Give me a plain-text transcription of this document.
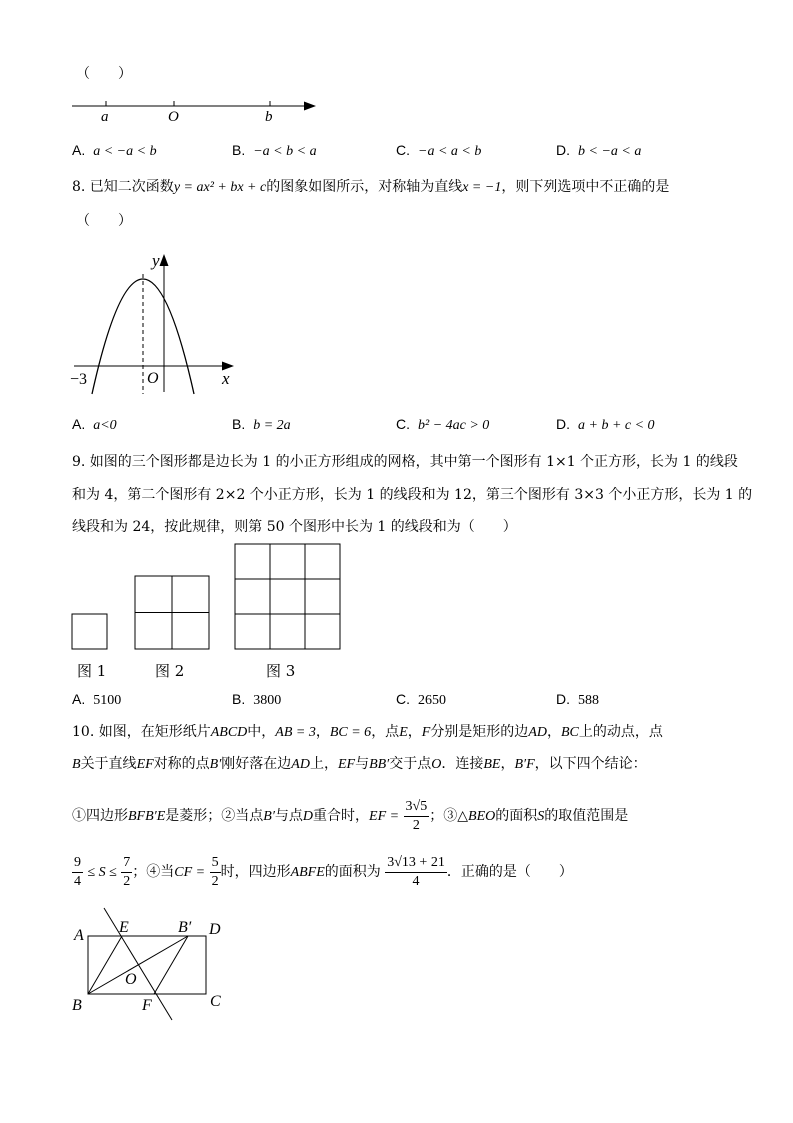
（　　）
a	O	b
A. a < −a < b	B. −a < b < a	C. −a < a < b	D. b < −a < a
8. 已知二次函数y = ax² + bx + c的图象如图所示，对称轴为直线x = −1，则下列选项中不正确的是
（　　）
y
x
O
−3
A. a<0	B. b = 2a	C. b² − 4ac > 0	D. a + b + c < 0
9. 如图的三个图形都是边长为 1 的小正方形组成的网格，其中第一个图形有 1×1 个正方形，长为 1 的线段
和为 4，第二个图形有 2×2 个小正方形，长为 1 的线段和为 12，第三个图形有 3×3 个小正方形，长为 1 的
线段和为 24，按此规律，则第 50 个图形中长为 1 的线段和为（　　）
图 1	图 2	图 3
A. 5100	B. 3800	C. 2650	D. 588
10. 如图，在矩形纸片ABCD中，AB = 3，BC = 6，点E，F分别是矩形的边AD，BC上的动点，点
B关于直线EF对称的点B′刚好落在边AD上，EF与BB′交于点O．连接BE，B′F，以下四个结论：
①四边形BFB′E是菱形；②当点B′与点D重合时，EF = $\frac{3√5}{2}$ ；③△BEO的面积S的取值范围是
$\frac{9}{4} \le S \le \frac{7}{2}$ ；④当CF = $\frac{5}{2}$ 时，四边形ABFE的面积为 $\frac{3√13 + 21}{4}$ ．正确的是（　　）
A E	B′ D
O
B	F	C
